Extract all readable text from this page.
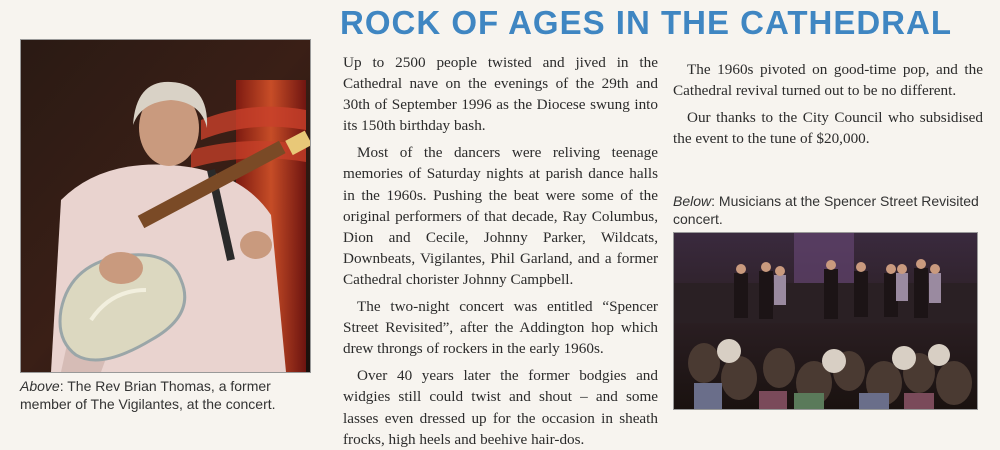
ROCK OF AGES IN THE CATHEDRAL
Above: The Rev Brian Thomas, a former member of The Vigilantes, at the concert.

Up to 2500 people twisted and jived in the Cathedral nave on the evenings of the 29th and 30th of September 1996 as the Diocese swung into its 150th birthday bash.

Most of the dancers were reliving teenage memories of Saturday nights at parish dance halls in the 1960s. Pushing the beat were some of the original performers of that decade, Ray Columbus, Dion and Cecile, Johnny Parker, Wildcats, Downbeats, Vigilantes, Phil Garland, and a former Cathedral chorister Johnny Campbell.

The two-night concert was entitled “Spencer Street Revisited”, after the Addington hop which drew throngs of rockers in the early 1960s.

Over 40 years later the former bodgies and widgies still could twist and shout – and some lasses even dressed up for the occasion in sheath frocks, high heels and beehive hair-dos.

The 1960s pivoted on good-time pop, and the Cathedral revival turned out to be no different.

Our thanks to the City Council who subsidised the event to the tune of $20,000.

Below: Musicians at the Spencer Street Revisited concert.
